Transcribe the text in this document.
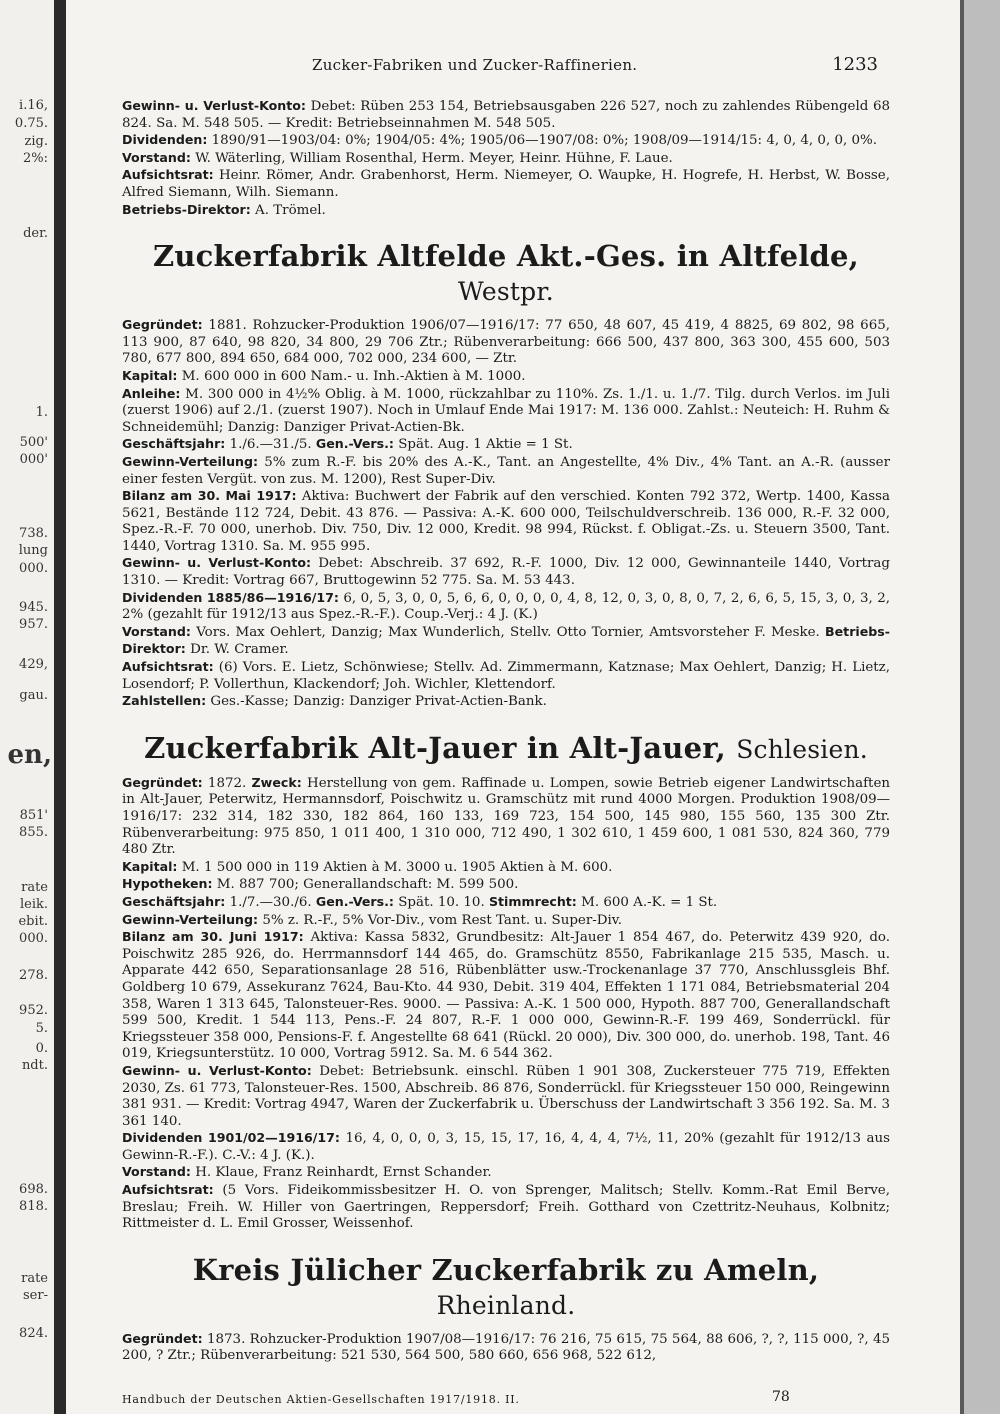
i.16,
0.75.
zig.
2%:
der.
1.
500'
000'
738.
lung
000.
945.
957.
429,
gau.
en,
851'
855.
rate
leik.
ebit.
000.
278.
952.
5.
0.
ndt.
698.
818.
rate
ser-
824.
Zucker-Fabriken und Zucker-Raffinerien.	1233

Gewinn- u. Verlust-Konto: Debet: Rüben 253 154, Betriebsausgaben 226 527, noch zu zahlendes Rübengeld 68 824. Sa. M. 548 505. — Kredit: Betriebseinnahmen M. 548 505.

Dividenden: 1890/91—1903/04: 0%; 1904/05: 4%; 1905/06—1907/08: 0%; 1908/09—1914/15: 4, 0, 4, 0, 0, 0%.

Vorstand: W. Wäterling, William Rosenthal, Herm. Meyer, Heinr. Hühne, F. Laue.

Aufsichtsrat: Heinr. Römer, Andr. Grabenhorst, Herm. Niemeyer, O. Waupke, H. Hogrefe, H. Herbst, W. Bosse, Alfred Siemann, Wilh. Siemann.

Betriebs-Direktor: A. Trömel.

Zuckerfabrik Altfelde Akt.-Ges. in Altfelde, Westpr.

Gegründet: 1881. Rohzucker-Produktion 1906/07—1916/17: 77 650, 48 607, 45 419, 4 8825, 69 802, 98 665, 113 900, 87 640, 98 820, 34 800, 29 706 Ztr.; Rübenverarbeitung: 666 500, 437 800, 363 300, 455 600, 503 780, 677 800, 894 650, 684 000, 702 000, 234 600, — Ztr.

Kapital: M. 600 000 in 600 Nam.- u. Inh.-Aktien à M. 1000.

Anleihe: M. 300 000 in 4½% Oblig. à M. 1000, rückzahlbar zu 110%. Zs. 1./1. u. 1./7. Tilg. durch Verlos. im Juli (zuerst 1906) auf 2./1. (zuerst 1907). Noch in Umlauf Ende Mai 1917: M. 136 000. Zahlst.: Neuteich: H. Ruhm & Schneidemühl; Danzig: Danziger Privat-Actien-Bk.

Geschäftsjahr: 1./6.—31./5. Gen.-Vers.: Spät. Aug. 1 Aktie = 1 St.

Gewinn-Verteilung: 5% zum R.-F. bis 20% des A.-K., Tant. an Angestellte, 4% Div., 4% Tant. an A.-R. (ausser einer festen Vergüt. von zus. M. 1200), Rest Super-Div.

Bilanz am 30. Mai 1917: Aktiva: Buchwert der Fabrik auf den verschied. Konten 792 372, Wertp. 1400, Kassa 5621, Bestände 112 724, Debit. 43 876. — Passiva: A.-K. 600 000, Teilschuldverschreib. 136 000, R.-F. 32 000, Spez.-R.-F. 70 000, unerhob. Div. 750, Div. 12 000, Kredit. 98 994, Rückst. f. Obligat.-Zs. u. Steuern 3500, Tant. 1440, Vortrag 1310. Sa. M. 955 995.

Gewinn- u. Verlust-Konto: Debet: Abschreib. 37 692, R.-F. 1000, Div. 12 000, Gewinnanteile 1440, Vortrag 1310. — Kredit: Vortrag 667, Bruttogewinn 52 775. Sa. M. 53 443.

Dividenden 1885/86—1916/17: 6, 0, 5, 3, 0, 0, 5, 6, 6, 0, 0, 0, 0, 4, 8, 12, 0, 3, 0, 8, 0, 7, 2, 6, 6, 5, 15, 3, 0, 3, 2, 2% (gezahlt für 1912/13 aus Spez.-R.-F.). Coup.-Verj.: 4 J. (K.)

Vorstand: Vors. Max Oehlert, Danzig; Max Wunderlich, Stellv. Otto Tornier, Amtsvorsteher F. Meske. Betriebs-Direktor: Dr. W. Cramer.

Aufsichtsrat: (6) Vors. E. Lietz, Schönwiese; Stellv. Ad. Zimmermann, Katznase; Max Oehlert, Danzig; H. Lietz, Losendorf; P. Vollerthun, Klackendorf; Joh. Wichler, Klettendorf.

Zahlstellen: Ges.-Kasse; Danzig: Danziger Privat-Actien-Bank.

Zuckerfabrik Alt-Jauer in Alt-Jauer, Schlesien.

Gegründet: 1872. Zweck: Herstellung von gem. Raffinade u. Lompen, sowie Betrieb eigener Landwirtschaften in Alt-Jauer, Peterwitz, Hermannsdorf, Poischwitz u. Gramschütz mit rund 4000 Morgen. Produktion 1908/09—1916/17: 232 314, 182 330, 182 864, 160 133, 169 723, 154 500, 145 980, 155 560, 135 300 Ztr. Rübenverarbeitung: 975 850, 1 011 400, 1 310 000, 712 490, 1 302 610, 1 459 600, 1 081 530, 824 360, 779 480 Ztr.

Kapital: M. 1 500 000 in 119 Aktien à M. 3000 u. 1905 Aktien à M. 600.

Hypotheken: M. 887 700; Generallandschaft: M. 599 500.

Geschäftsjahr: 1./7.—30./6. Gen.-Vers.: Spät. 10. 10. Stimmrecht: M. 600 A.-K. = 1 St.

Gewinn-Verteilung: 5% z. R.-F., 5% Vor-Div., vom Rest Tant. u. Super-Div.

Bilanz am 30. Juni 1917: Aktiva: Kassa 5832, Grundbesitz: Alt-Jauer 1 854 467, do. Peterwitz 439 920, do. Poischwitz 285 926, do. Herrmannsdorf 144 465, do. Gramschütz 8550, Fabrikanlage 215 535, Masch. u. Apparate 442 650, Separationsanlage 28 516, Rübenblätter usw.-Trockenanlage 37 770, Anschlussgleis Bhf. Goldberg 10 679, Assekuranz 7624, Bau-Kto. 44 930, Debit. 319 404, Effekten 1 171 084, Betriebsmaterial 204 358, Waren 1 313 645, Talonsteuer-Res. 9000. — Passiva: A.-K. 1 500 000, Hypoth. 887 700, Generallandschaft 599 500, Kredit. 1 544 113, Pens.-F. 24 807, R.-F. 1 000 000, Gewinn-R.-F. 199 469, Sonderrückl. für Kriegssteuer 358 000, Pensions-F. f. Angestellte 68 641 (Rückl. 20 000), Div. 300 000, do. unerhob. 198, Tant. 46 019, Kriegsunterstütz. 10 000, Vortrag 5912. Sa. M. 6 544 362.

Gewinn- u. Verlust-Konto: Debet: Betriebsunk. einschl. Rüben 1 901 308, Zuckersteuer 775 719, Effekten 2030, Zs. 61 773, Talonsteuer-Res. 1500, Abschreib. 86 876, Sonderrückl. für Kriegssteuer 150 000, Reingewinn 381 931. — Kredit: Vortrag 4947, Waren der Zuckerfabrik u. Überschuss der Landwirtschaft 3 356 192. Sa. M. 3 361 140.

Dividenden 1901/02—1916/17: 16, 4, 0, 0, 0, 3, 15, 15, 17, 16, 4, 4, 4, 7½, 11, 20% (gezahlt für 1912/13 aus Gewinn-R.-F.). C.-V.: 4 J. (K.).

Vorstand: H. Klaue, Franz Reinhardt, Ernst Schander.

Aufsichtsrat: (5 Vors. Fideikommissbesitzer H. O. von Sprenger, Malitsch; Stellv. Komm.-Rat Emil Berve, Breslau; Freih. W. Hiller von Gaertringen, Reppersdorf; Freih. Gotthard von Czettritz-Neuhaus, Kolbnitz; Rittmeister d. L. Emil Grosser, Weissenhof.

Kreis Jülicher Zuckerfabrik zu Ameln, Rheinland.

Gegründet: 1873. Rohzucker-Produktion 1907/08—1916/17: 76 216, 75 615, 75 564, 88 606, ?, ?, 115 000, ?, 45 200, ? Ztr.; Rübenverarbeitung: 521 530, 564 500, 580 660, 656 968, 522 612,

Handbuch der Deutschen Aktien-Gesellschaften 1917/1918. II.	78
